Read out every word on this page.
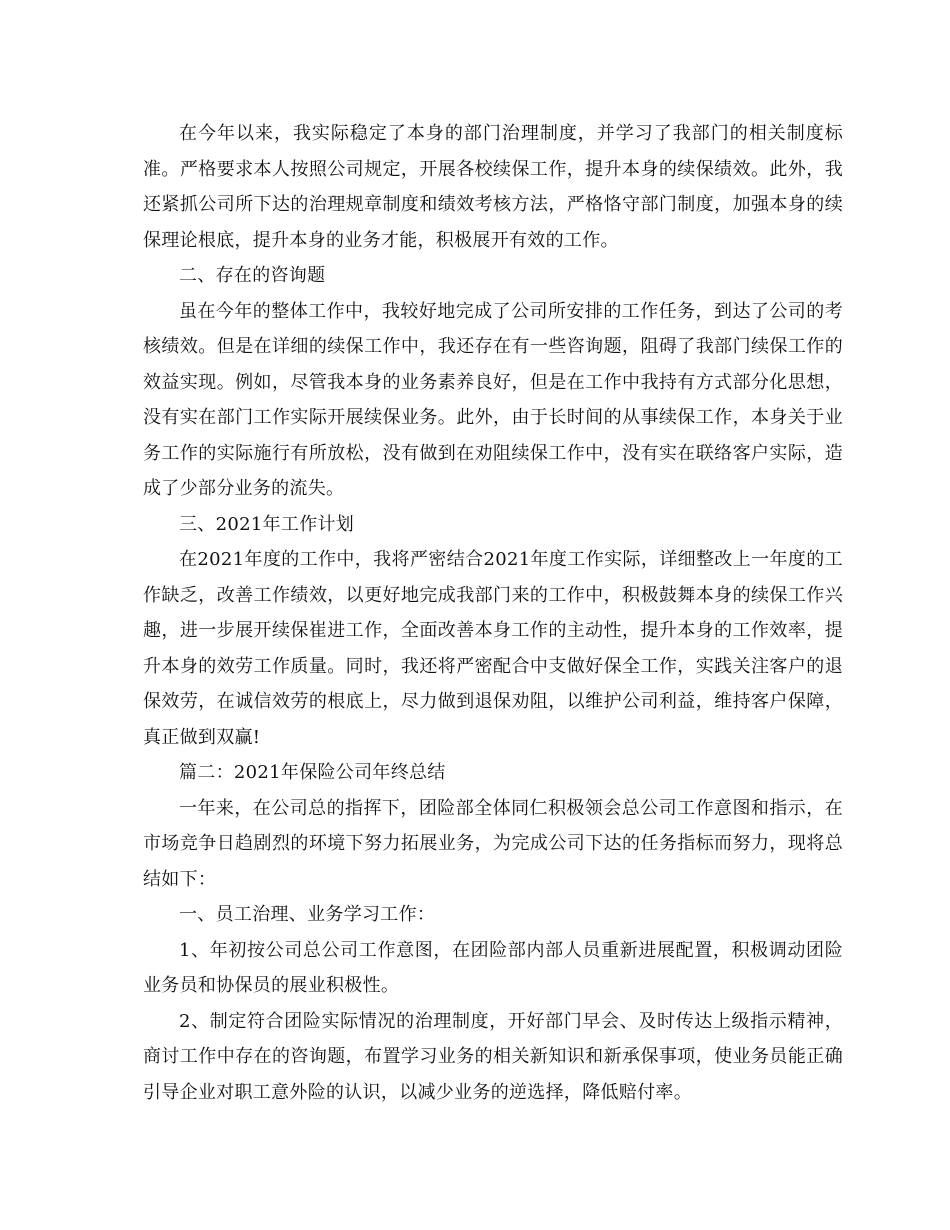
在今年以来，我实际稳定了本身的部门治理制度，并学习了我部门的相关制度标准。严格要求本人按照公司规定，开展各校续保工作，提升本身的续保绩效。此外，我还紧抓公司所下达的治理规章制度和绩效考核方法，严格恪守部门制度，加强本身的续保理论根底，提升本身的业务才能，积极展开有效的工作。

二、存在的咨询题

虽在今年的整体工作中，我较好地完成了公司所安排的工作任务，到达了公司的考核绩效。但是在详细的续保工作中，我还存在有一些咨询题，阻碍了我部门续保工作的效益实现。例如，尽管我本身的业务素养良好，但是在工作中我持有方式部分化思想，没有实在部门工作实际开展续保业务。此外，由于长时间的从事续保工作，本身关于业务工作的实际施行有所放松，没有做到在劝阻续保工作中，没有实在联络客户实际，造成了少部分业务的流失。

三、2021年工作计划

在2021年度的工作中，我将严密结合2021年度工作实际，详细整改上一年度的工作缺乏，改善工作绩效，以更好地完成我部门来的工作中，积极鼓舞本身的续保工作兴趣，进一步展开续保崔进工作，全面改善本身工作的主动性，提升本身的工作效率，提升本身的效劳工作质量。同时，我还将严密配合中支做好保全工作，实践关注客户的退保效劳，在诚信效劳的根底上，尽力做到退保劝阻，以维护公司利益，维持客户保障，真正做到双赢!

篇二：2021年保险公司年终总结

一年来，在公司总的指挥下，团险部全体同仁积极领会总公司工作意图和指示，在市场竞争日趋剧烈的环境下努力拓展业务，为完成公司下达的任务指标而努力，现将总结如下：

一、员工治理、业务学习工作：

1、年初按公司总公司工作意图，在团险部内部人员重新进展配置，积极调动团险业务员和协保员的展业积极性。

2、制定符合团险实际情况的治理制度，开好部门早会、及时传达上级指示精神，商讨工作中存在的咨询题，布置学习业务的相关新知识和新承保事项，使业务员能正确引导企业对职工意外险的认识，以减少业务的逆选择，降低赔付率。
